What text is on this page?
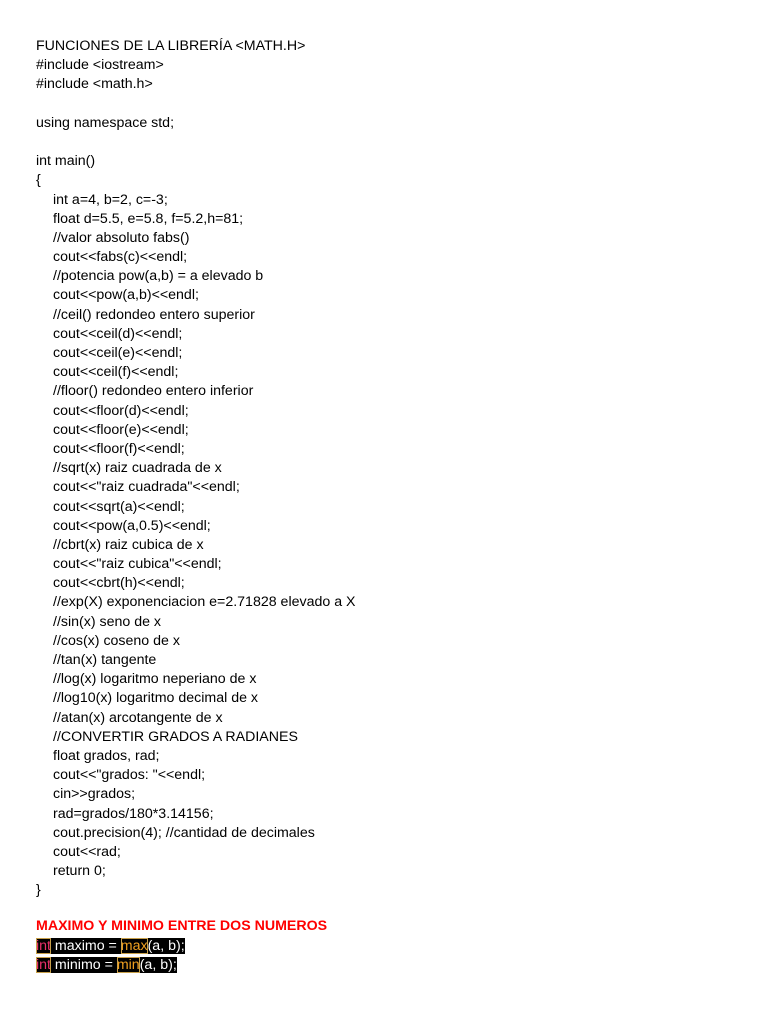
FUNCIONES DE LA LIBRERÍA <MATH.H>
#include <iostream>
#include <math.h>
using namespace std;
int main()
{
int a=4, b=2, c=-3;
float d=5.5, e=5.8, f=5.2,h=81;
//valor absoluto fabs()
cout<<fabs(c)<<endl;
//potencia pow(a,b) = a elevado b
cout<<pow(a,b)<<endl;
//ceil() redondeo entero superior
cout<<ceil(d)<<endl;
cout<<ceil(e)<<endl;
cout<<ceil(f)<<endl;
//floor() redondeo entero inferior
cout<<floor(d)<<endl;
cout<<floor(e)<<endl;
cout<<floor(f)<<endl;
//sqrt(x) raiz cuadrada de x
cout<<"raiz cuadrada"<<endl;
cout<<sqrt(a)<<endl;
cout<<pow(a,0.5)<<endl;
//cbrt(x) raiz cubica de x
cout<<"raiz cubica"<<endl;
cout<<cbrt(h)<<endl;
//exp(X) exponenciacion e=2.71828 elevado a X
//sin(x) seno de x
//cos(x) coseno de x
//tan(x) tangente
//log(x) logaritmo neperiano de x
//log10(x) logaritmo decimal de x
//atan(x) arcotangente de x
//CONVERTIR GRADOS A RADIANES
float grados, rad;
cout<<"grados: "<<endl;
cin>>grados;
rad=grados/180*3.14156;
cout.precision(4); //cantidad de decimales
cout<<rad;
return 0;
}
MAXIMO Y MINIMO ENTRE DOS NUMEROS
int maximo = max(a, b);
int minimo = min(a, b);
